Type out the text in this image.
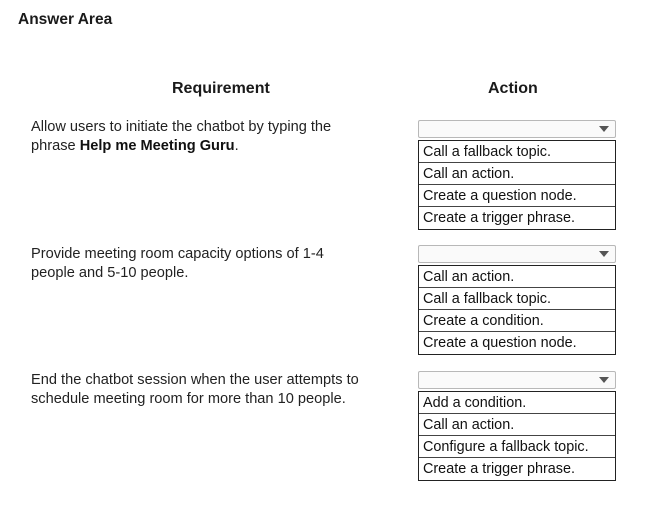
Answer Area
Requirement	Action
Allow users to initiate the chatbot by typing the phrase Help me Meeting Guru.	Call a fallback topic.
Call an action.
Create a question node.
Create a trigger phrase.
Provide meeting room capacity options of 1-4 people and 5-10 people.	Call an action.
Call a fallback topic.
Create a condition.
Create a question node.
End the chatbot session when the user attempts to schedule meeting room for more than 10 people.	Add a condition.
Call an action.
Configure a fallback topic.
Create a trigger phrase.
